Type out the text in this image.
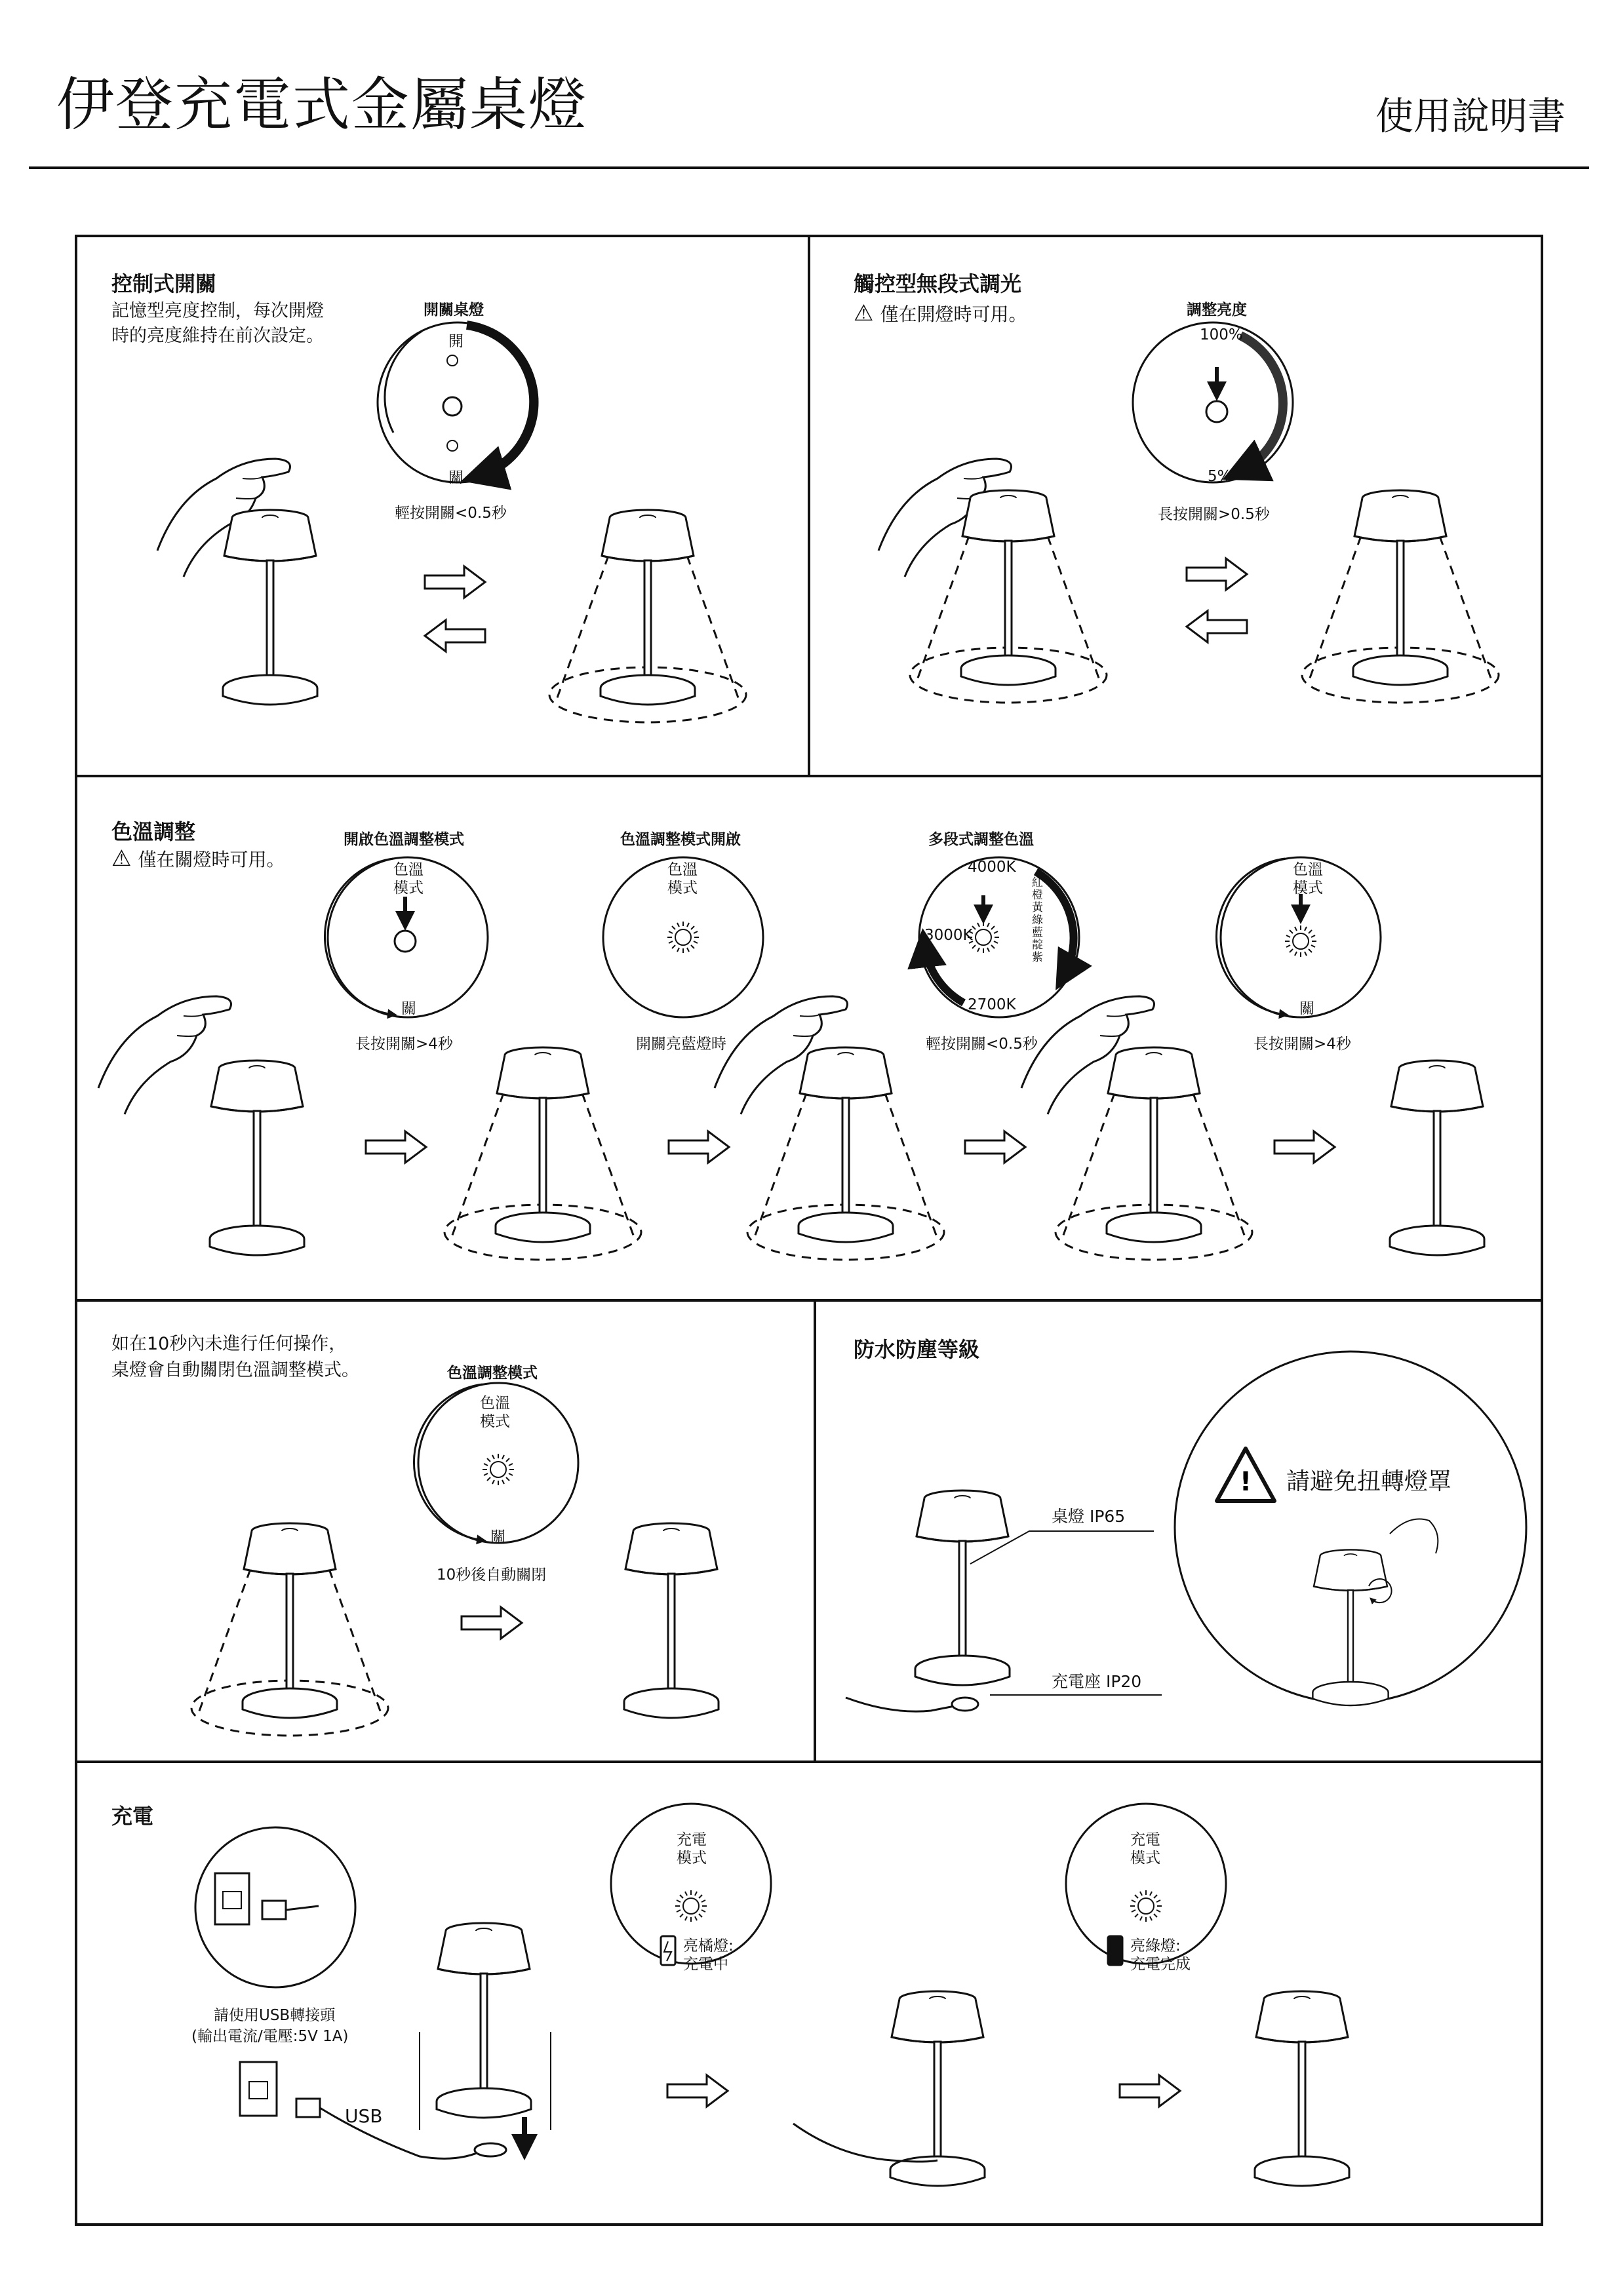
伊登充電式金屬桌燈	使用說明書
!
控制式開關
記憶型亮度控制，每次開燈
時的亮度維持在前次設定。
開關桌燈
開
關
輕按開關<0.5秒
觸控型無段式調光
⚠ 僅在開燈時可用。	調整亮度
100%
5%
長按開關>0.5秒
色溫調整
⚠ 僅在關燈時可用。
開啟色溫調整模式
色溫
模式
關
長按開關>4秒
色溫調整模式開啟
色溫
模式
開關亮藍燈時
多段式調整色溫
4000K
3000K
2700K
紅橙黃綠藍靛紫
輕按開關<0.5秒
色溫
模式
關
長按開關>4秒
如在10秒內未進行任何操作，
桌燈會自動關閉色溫調整模式。	色溫調整模式
色溫
模式
關
10秒後自動關閉
防水防塵等級
桌燈 IP65
充電座 IP20
請避免扭轉燈罩
充電
請使用USB轉接頭
(輸出電流/電壓:5V 1A)
USB
充電
模式
亮橘燈:
充電中
充電
模式
亮綠燈:
充電完成
